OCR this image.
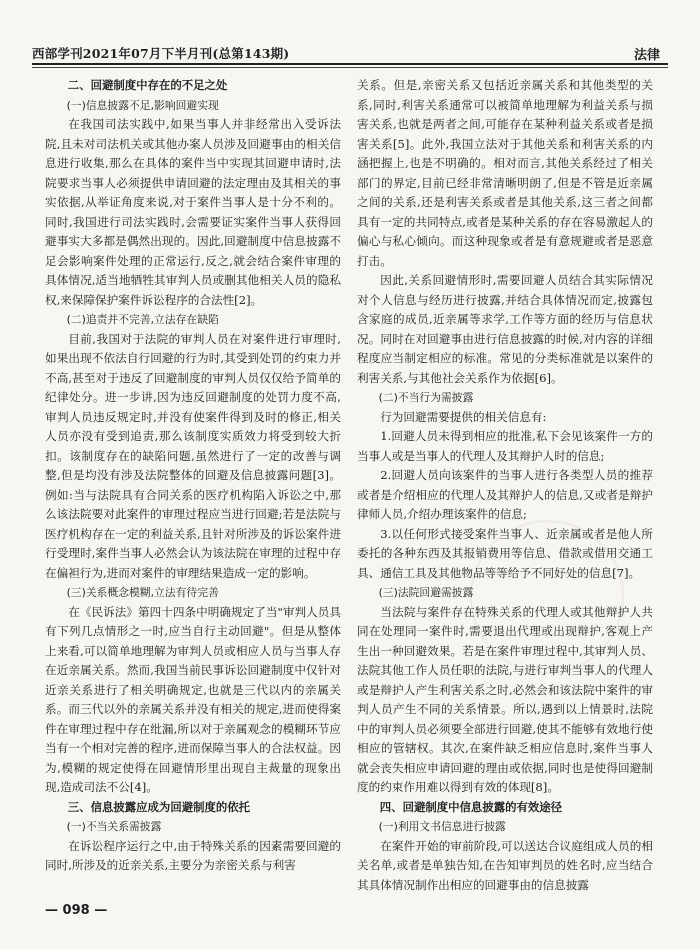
西部学刊2021年07月下半月刊(总第143期)	法律

二、回避制度中存在的不足之处

(一)信息披露不足,影响回避实现

在我国司法实践中,如果当事人并非经常出入受诉法院,且未对司法机关或其他办案人员涉及回避事由的相关信息进行收集,那么在具体的案件当中实现其回避申请时,法院要求当事人必须提供申请回避的法定理由及其相关的事实依据,从举证角度来说,对于案件当事人是十分不利的。同时,我国进行司法实践时,会需要证实案件当事人获得回避事实大多都是偶然出现的。因此,回避制度中信息披露不足会影响案件处理的正常运行,反之,就会结合案件审理的具体情况,适当地牺牲其审判人员或删其他相关人员的隐私权,来保障保护案件诉讼程序的合法性[2]。

(二)追责并不完善,立法存在缺陷

目前,我国对于法院的审判人员在对案件进行审理时,如果出现不依法自行回避的行为时,其受到处罚的约束力并不高,甚至对于违反了回避制度的审判人员仅仅给予简单的纪律处分。进一步讲,因为违反回避制度的处罚力度不高,审判人员违反规定时,并没有使案件得到及时的修正,相关人员亦没有受到追责,那么该制度实质效力将受到较大折扣。该制度存在的缺陷问题,虽然进行了一定的改善与调整,但是均没有涉及法院整体的回避及信息披露问题[3]。例如:当与法院具有合同关系的医疗机构陷入诉讼之中,那么该法院要对此案件的审理过程应当进行回避;若是法院与医疗机构存在一定的利益关系,且针对所涉及的诉讼案件进行受理时,案件当事人必然会认为该法院在审理的过程中存在偏袒行为,进而对案件的审理结果造成一定的影响。

(三)关系概念模糊,立法有待完善

在《民诉法》第四十四条中明确规定了当"审判人员具有下列几点情形之一时,应当自行主动回避"。但是从整体上来看,可以简单地理解为审判人员或相应人员与当事人存在近亲属关系。然而,我国当前民事诉讼回避制度中仅针对近亲关系进行了相关明确规定,也就是三代以内的亲属关系。而三代以外的亲属关系并没有相关的规定,进而使得案件在审理过程中存在纰漏,所以对于亲属观念的模糊环节应当有一个相对完善的程序,进而保障当事人的合法权益。因为,模糊的规定使得在回避情形里出现自主裁量的现象出现,造成司法不公[4]。

三、信息披露应成为回避制度的依托

(一)不当关系需披露

在诉讼程序运行之中,由于特殊关系的因素需要回避的同时,所涉及的近亲关系,主要分为亲密关系与利害

关系。但是,亲密关系又包括近亲属关系和其他类型的关系,同时,利害关系通常可以被简单地理解为利益关系与损害关系,也就是两者之间,可能存在某种利益关系或者是损害关系[5]。此外,我国立法对于其他关系和利害关系的内涵把握上,也是不明确的。相对而言,其他关系经过了相关部门的界定,目前已经非常清晰明朗了,但是不管是近亲属之间的关系,还是利害关系或者是其他关系,这三者之间都具有一定的共同特点,或者是某种关系的存在容易激起人的偏心与私心倾向。而这种现象或者是有意规避或者是恶意打击。

因此,关系回避情形时,需要回避人员结合其实际情况对个人信息与经历进行披露,并结合具体情况而定,披露包含家庭的成员,近亲属等求学,工作等方面的经历与信息状况。同时在对回避事由进行信息披露的时候,对内容的详细程度应当制定相应的标准。常见的分类标准就是以案件的利害关系,与其他社会关系作为依据[6]。

(二)不当行为需披露

行为回避需要提供的相关信息有:

1.回避人员未得到相应的批准,私下会见该案件一方的当事人或是当事人的代理人及其辩护人时的信息;

2.回避人员向该案件的当事人进行各类型人员的推荐或者是介绍相应的代理人及其辩护人的信息,又或者是辩护律师人员,介绍办理该案件的信息;

3.以任何形式接受案件当事人、近亲属或者是他人所委托的各种东西及其报销费用等信息、借款或借用交通工具、通信工具及其他物品等等给予不同好处的信息[7]。

(三)法院回避需披露

当法院与案件存在特殊关系的代理人或其他辩护人共同在处理同一案件时,需要退出代理或出现辩护,客观上产生出一种回避效果。若是在案件审理过程中,其审判人员、法院其他工作人员任职的法院,与进行审判当事人的代理人或是辩护人产生利害关系之时,必然会和该法院中案件的审判人员产生不同的关系情景。所以,遇到以上情景时,法院中的审判人员必须要全部进行回避,使其不能够有效地行使相应的管辖权。其次,在案件缺乏相应信息时,案件当事人就会丧失相应申请回避的理由或依据,同时也是使得回避制度的约束作用难以得到有效的体现[8]。

四、回避制度中信息披露的有效途径

(一)利用文书信息进行披露

在案件开始的审前阶段,可以送达合议庭组成人员的相关名单,或者是单独告知,在告知审判员的姓名时,应当结合其具体情况制作出相应的回避事由的信息披露

— 098 —
